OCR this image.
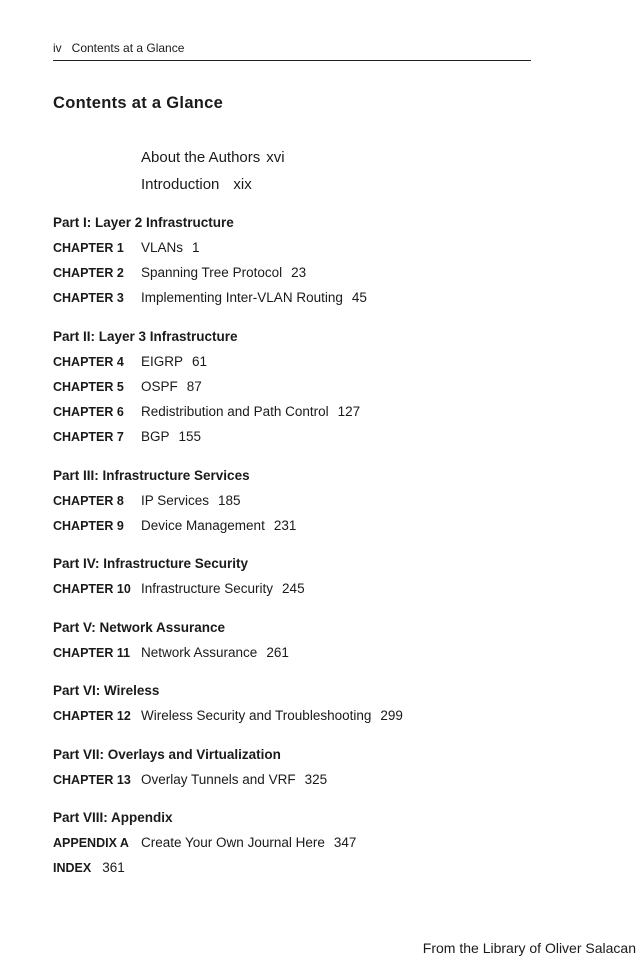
iv Contents at a Glance
Contents at a Glance
About the Authors xvi
Introduction xix
Part I: Layer 2 Infrastructure
CHAPTER 1 VLANs 1
CHAPTER 2 Spanning Tree Protocol 23
CHAPTER 3 Implementing Inter-VLAN Routing 45
Part II: Layer 3 Infrastructure
CHAPTER 4 EIGRP 61
CHAPTER 5 OSPF 87
CHAPTER 6 Redistribution and Path Control 127
CHAPTER 7 BGP 155
Part III: Infrastructure Services
CHAPTER 8 IP Services 185
CHAPTER 9 Device Management 231
Part IV: Infrastructure Security
CHAPTER 10 Infrastructure Security 245
Part V: Network Assurance
CHAPTER 11 Network Assurance 261
Part VI: Wireless
CHAPTER 12 Wireless Security and Troubleshooting 299
Part VII: Overlays and Virtualization
CHAPTER 13 Overlay Tunnels and VRF 325
Part VIII: Appendix
APPENDIX A Create Your Own Journal Here 347
INDEX 361
From the Library of Oliver Salacan
